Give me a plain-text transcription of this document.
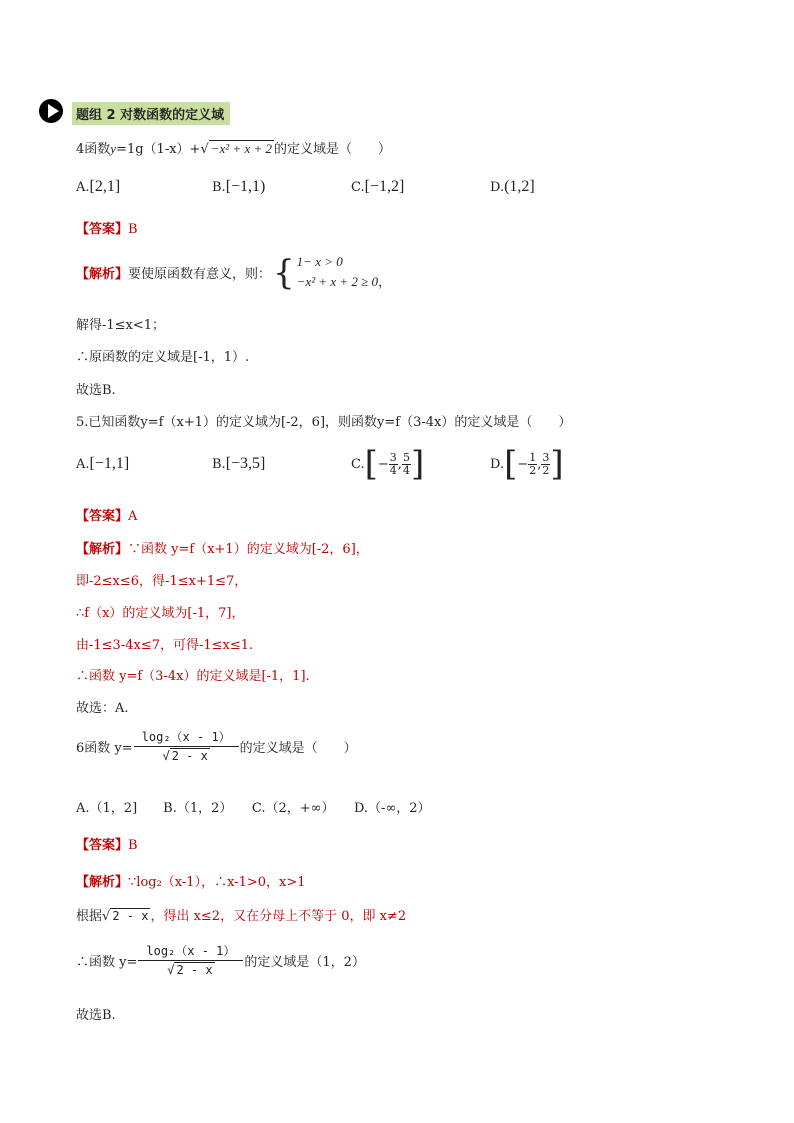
题组 2 对数函数的定义域
4函数y=1g（1-x）+√ −x² + x + 2 的定义域是（　　）
A.[2,1]	B.[−1,1)	C.[−1,2]	D.(1,2]
【答案】B
【解析】 要使原函数有意义，则： { 1− x > 0
−x² + x + 2 ≥ 0，
解得-1≤x<1；
∴原函数的定义域是[-1，1）.
故选B.
5.已知函数y=f（x+1）的定义域为[-2，6]，则函数y=f（3-4x）的定义域是（　　）
A.[−1,1]	B.[−3,5]	C. [ − $\frac{3}{4}$ , $\frac{5}{4}$ ]	D. [ − $\frac{1}{2}$ , $\frac{3}{2}$ ]
【答案】A
【解析】∵函数 y=f（x+1）的定义域为[-2，6]，
即-2≤x≤6，得-1≤x+1≤7，
∴f（x）的定义域为[-1，7]，
由-1≤3-4x≤7，可得-1≤x≤1.
∴函数 y=f（3-4x）的定义域是[-1，1].
故选：A.
6函数 $y= \frac{\text{log₂（x - 1）}}{√ 2 - x}$ 的定义域是（　　）
A.（1，2]　　B.（1，2）　　C.（2，+∞）　　D.（-∞，2）
【答案】B
【解析】∵log₂（x-1），∴x-1>0，x>1
根据√ 2 - x ，得出 x≤2，又在分母上不等于 0，即 x≠2
∴函数 $y= \frac{\text{log₂（x - 1）}}{√ 2 - x}$ 的定义域是（1，2）
故选B.
